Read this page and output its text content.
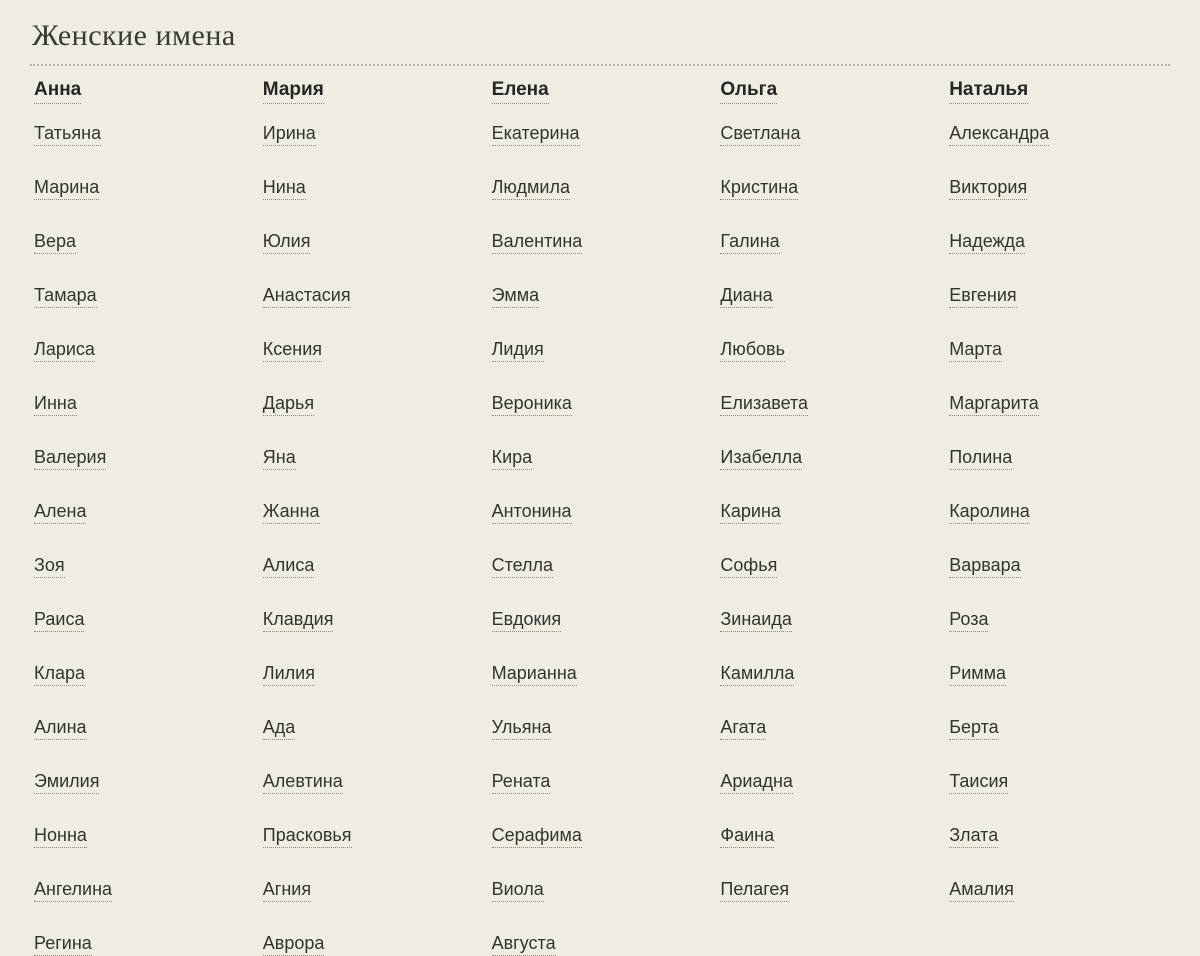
Женские имена
Анна
Татьяна
Марина
Вера
Тамара
Лариса
Инна
Валерия
Алена
Зоя
Раиса
Клара
Алина
Эмилия
Нонна
Ангелина
Регина
Мария
Ирина
Нина
Юлия
Анастасия
Ксения
Дарья
Яна
Жанна
Алиса
Клавдия
Лилия
Ада
Алевтина
Прасковья
Агния
Аврора
Елена
Екатерина
Людмила
Валентина
Эмма
Лидия
Вероника
Кира
Антонина
Стелла
Евдокия
Марианна
Ульяна
Рената
Серафима
Виола
Августа
Ольга
Светлана
Кристина
Галина
Диана
Любовь
Елизавета
Изабелла
Карина
Софья
Зинаида
Камилла
Агата
Ариадна
Фаина
Пелагея
Наталья
Александра
Виктория
Надежда
Евгения
Марта
Маргарита
Полина
Каролина
Варвара
Роза
Римма
Берта
Таисия
Злата
Амалия
